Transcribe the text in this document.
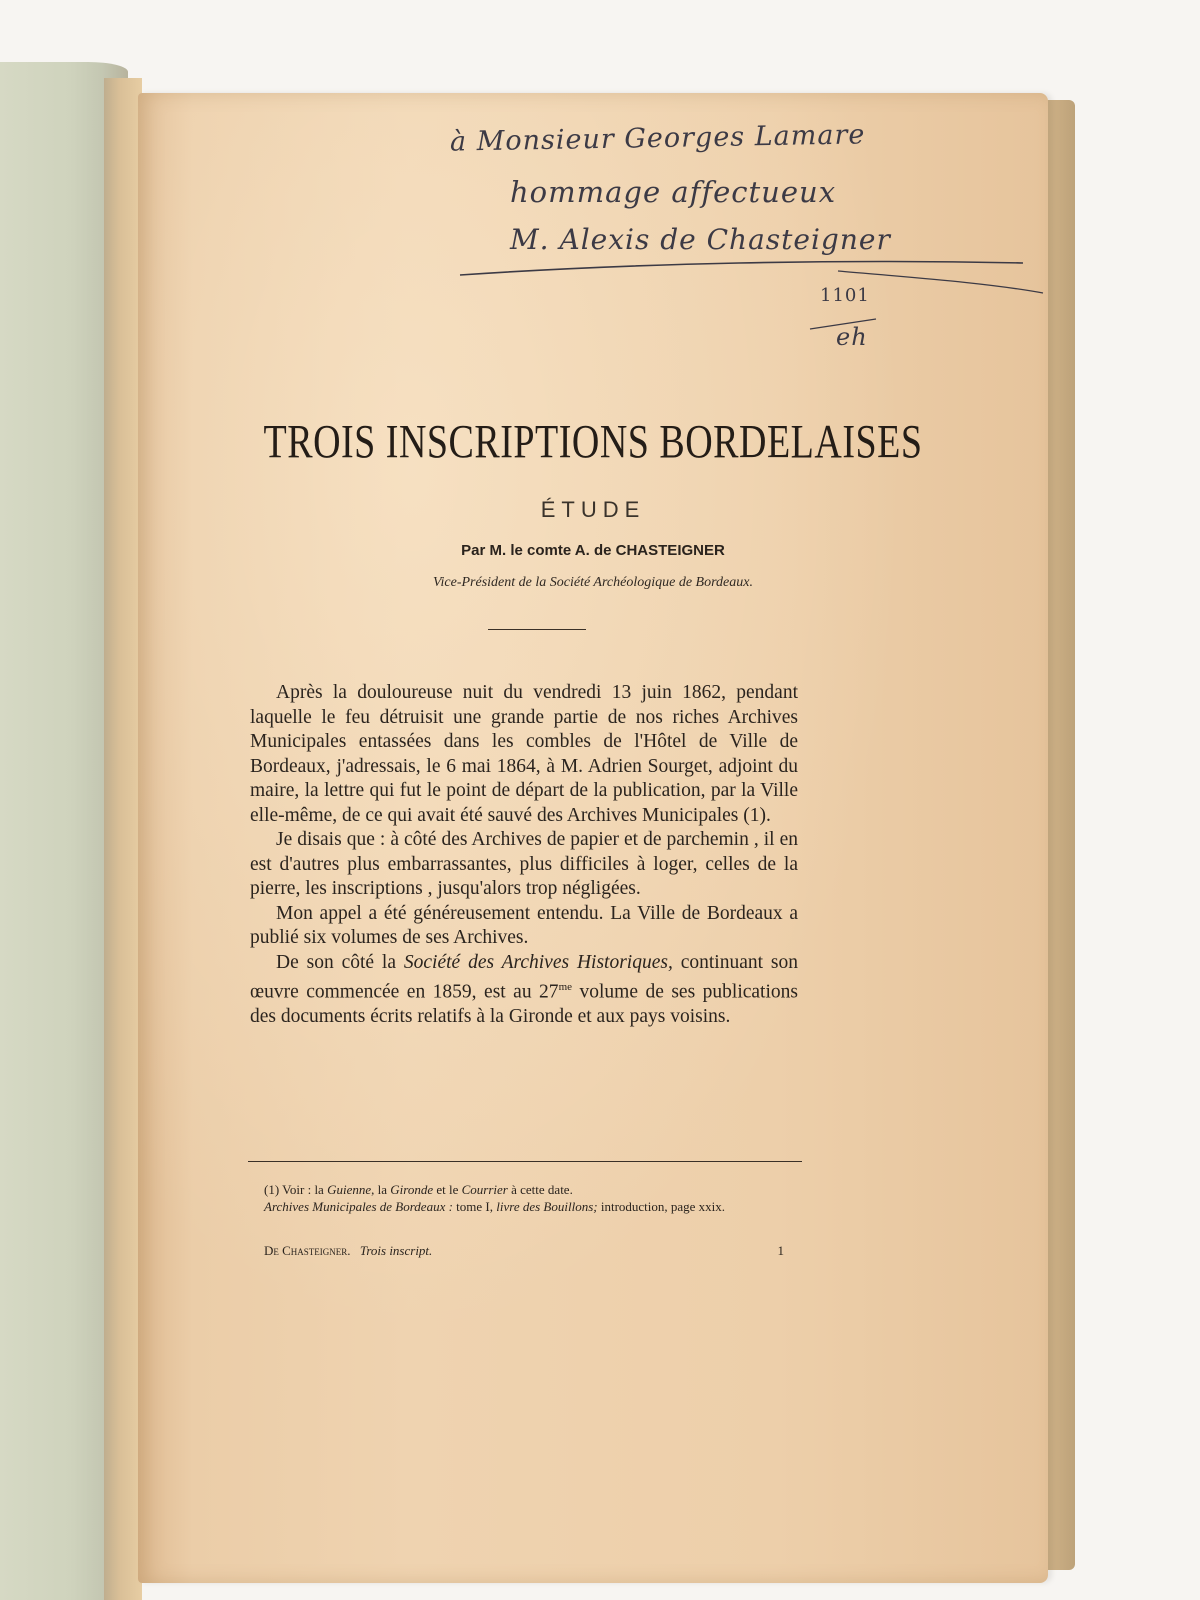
à Monsieur Georges Lamare
hommage affectueux
M. Alexis de Chasteigner
1101
eh
TROIS INSCRIPTIONS BORDELAISES
ÉTUDE
Par M. le comte A. de CHASTEIGNER
Vice-Président de la Société Archéologique de Bordeaux.

Après la douloureuse nuit du vendredi 13 juin 1862, pendant laquelle le feu détruisit une grande partie de nos riches Archives Municipales entassées dans les combles de l'Hôtel de Ville de Bordeaux, j'adressais, le 6 mai 1864, à M. Adrien Sourget, adjoint du maire, la lettre qui fut le point de départ de la publication, par la Ville elle-même, de ce qui avait été sauvé des Archives Municipales (1).

Je disais que : à côté des Archives de papier et de parchemin , il en est d'autres plus embarrassantes, plus difficiles à loger, celles de la pierre, les inscriptions , jusqu'alors trop négligées.

Mon appel a été généreusement entendu. La Ville de Bordeaux a publié six volumes de ses Archives.

De son côté la Société des Archives Historiques, continuant son œuvre commencée en 1859, est au $27^{me}$ volume de ses publications des documents écrits relatifs à la Gironde et aux pays voisins.

(1) Voir : la Guienne, la Gironde et le Courrier à cette date.

Archives Municipales de Bordeaux : tome I, livre des Bouillons; introduction, page xxix.

De Chasteigner. Trois inscript.	1
